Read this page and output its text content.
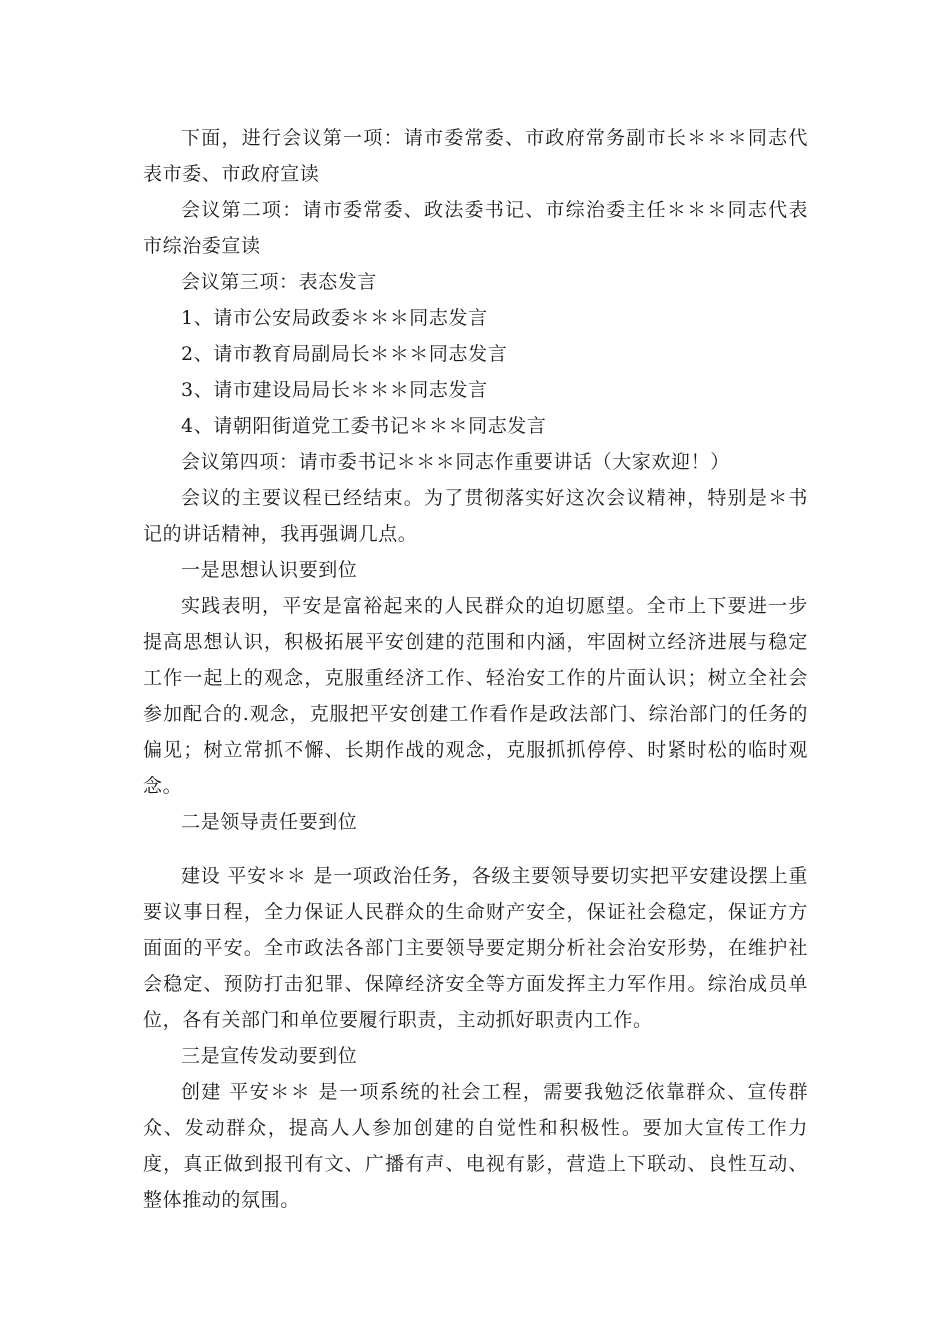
下面，进行会议第一项：请市委常委、市政府常务副市长＊＊＊同志代表市委、市政府宣读

会议第二项：请市委常委、政法委书记、市综治委主任＊＊＊同志代表市综治委宣读

会议第三项：表态发言

1、请市公安局政委＊＊＊同志发言

2、请市教育局副局长＊＊＊同志发言

3、请市建设局局长＊＊＊同志发言

4、请朝阳街道党工委书记＊＊＊同志发言

会议第四项：请市委书记＊＊＊同志作重要讲话（大家欢迎！）

会议的主要议程已经结束。为了贯彻落实好这次会议精神，特别是＊书记的讲话精神，我再强调几点。

一是思想认识要到位

实践表明，平安是富裕起来的人民群众的迫切愿望。全市上下要进一步提高思想认识，积极拓展平安创建的范围和内涵，牢固树立经济进展与稳定工作一起上的观念，克服重经济工作、轻治安工作的片面认识；树立全社会参加配合的.观念，克服把平安创建工作看作是政法部门、综治部门的任务的偏见；树立常抓不懈、长期作战的观念，克服抓抓停停、时紧时松的临时观念。

二是领导责任要到位

建设 平安＊＊ 是一项政治任务，各级主要领导要切实把平安建设摆上重要议事日程，全力保证人民群众的生命财产安全，保证社会稳定，保证方方面面的平安。全市政法各部门主要领导要定期分析社会治安形势，在维护社会稳定、预防打击犯罪、保障经济安全等方面发挥主力军作用。综治成员单位，各有关部门和单位要履行职责，主动抓好职责内工作。

三是宣传发动要到位

创建 平安＊＊ 是一项系统的社会工程，需要我勉泛依靠群众、宣传群众、发动群众，提高人人参加创建的自觉性和积极性。要加大宣传工作力度，真正做到报刊有文、广播有声、电视有影，营造上下联动、良性互动、整体推动的氛围。
